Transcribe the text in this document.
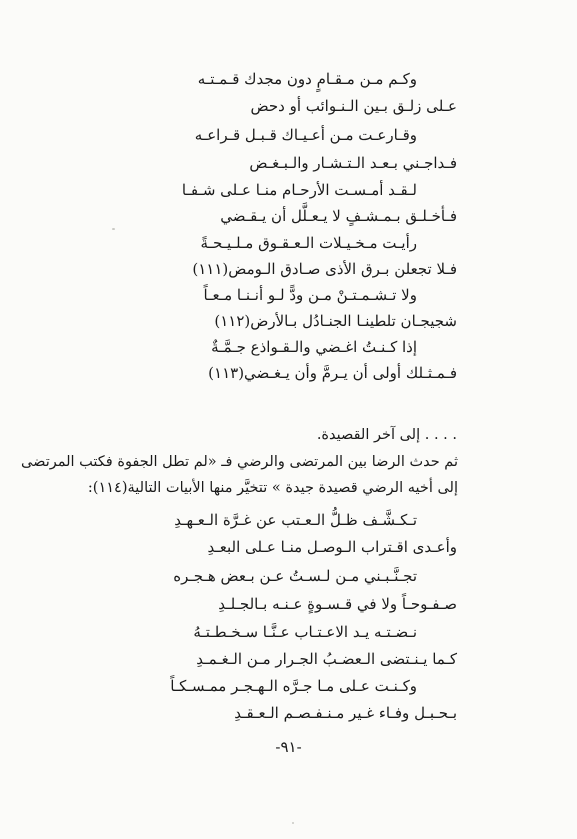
وكـم مـن مـقـامٍ دون مجدك قـمـتـه
عـلى زلـق بـين الـنـوائب أو دحض
وقـارعـت مـن أعـيـاك قـبـل قـراعـه
فـداجـني بـعـد الـتـشـار والـبـغـض
لـقـد أمـسـت الأرحـام منـا عـلى شـفـا
فـأخـلـق بـمـشـفٍ لا يـعـلَّل أن يـقـضي
رأيـت مـخـيـلات الـعـقـوق مـلـيـحـةً
فـلا تجعلن بـرق الأذى صـادق الـومض(١١١)
ولا تـشـمـتـنْ مـن ودًّ لـو أنـنـا مـعـاً
شجيجـان تلطينـا الجنـادُل بـالأرض(١١٢)
إذا كـنـتُ اغـضي والـقـواذع جـمَّـةٌ
فـمـثـلك أولى أن يـرمَّ وأن يـغـضي(١١٣)
. . . . إلى آخر القصيدة.
ثم حدث الرضا بين المرتضى والرضي فـ «لم تطل الجفوة فكتب المرتضى
إلى أخيه الرضي قصيدة جيدة » تتخيَّر منها الأبيات التالية(١١٤):
تـكـشَّـف ظـلُّ الـعـتب عن غـرَّة الـعـهـدِ
وأعـدى اقـتراب الـوصـل منـا عـلى البعـدِ
تجـنَّـبـني مـن لـسـتُ عـن بـعض هـجـره
صـفـوحـاً ولا في قـسـوةٍ عـنـه بـالجـلـدِ
نـضـتـه يـد الاعـتـاب عـنَّـا سـخـطـتـهُ
كـما يـنـتضى الـعضـبُ الجـرار مـن الـغـمـدِ
وكـنـت عـلى مـا جـرَّه الـهـجـر ممـسـكـاً
بـحـبـل وفـاء غـير مـنـفـصـم الـعـقـدِ
-٩١-
